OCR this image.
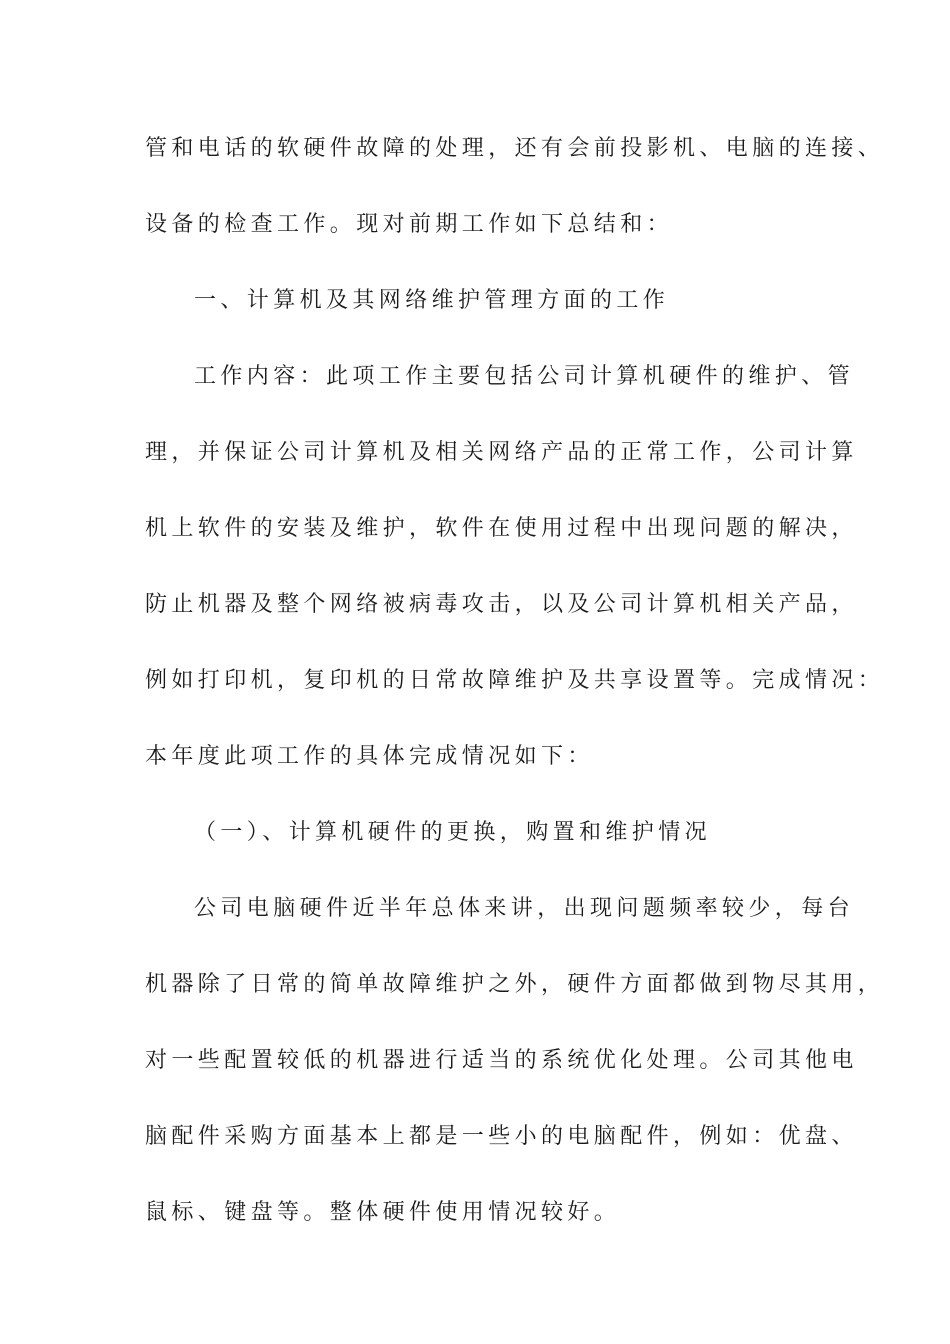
管和电话的软硬件故障的处理，还有会前投影机、电脑的连接、
设备的检查工作。现对前期工作如下总结和：
一、计算机及其网络维护管理方面的工作
工作内容：此项工作主要包括公司计算机硬件的维护、管
理，并保证公司计算机及相关网络产品的正常工作，公司计算
机上软件的安装及维护，软件在使用过程中出现问题的解决，
防止机器及整个网络被病毒攻击，以及公司计算机相关产品，
例如打印机，复印机的日常故障维护及共享设置等。完成情况：
本年度此项工作的具体完成情况如下：
（一）、计算机硬件的更换，购置和维护情况
公司电脑硬件近半年总体来讲，出现问题频率较少，每台
机器除了日常的简单故障维护之外，硬件方面都做到物尽其用，
对一些配置较低的机器进行适当的系统优化处理。公司其他电
脑配件采购方面基本上都是一些小的电脑配件，例如：优盘、
鼠标、键盘等。整体硬件使用情况较好。
